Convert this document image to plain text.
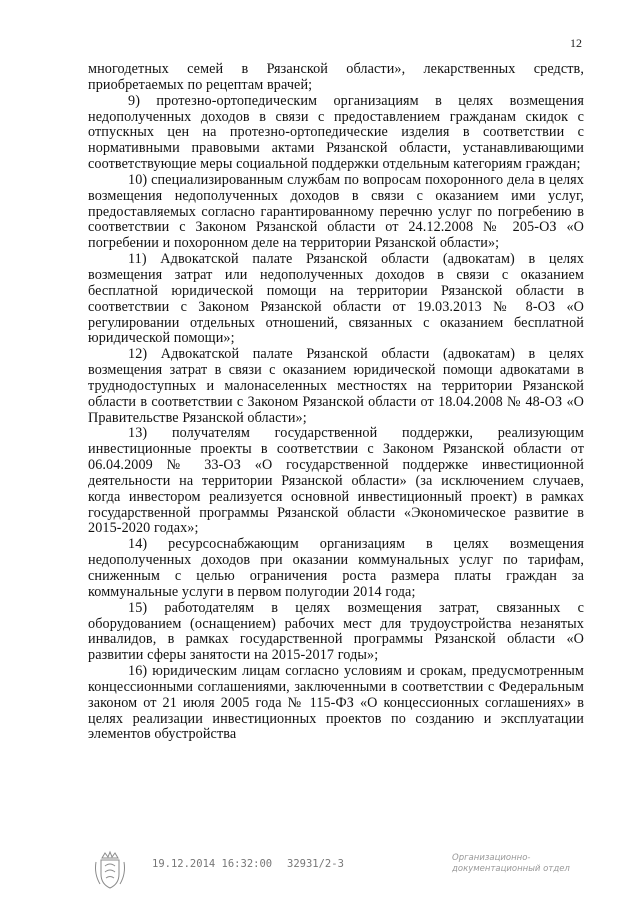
12

многодетных семей в Рязанской области», лекарственных средств, приобретаемых по рецептам врачей;

9) протезно-ортопедическим организациям в целях возмещения недополученных доходов в связи с предоставлением гражданам скидок с отпускных цен на протезно-ортопедические изделия в соответствии с нормативными правовыми актами Рязанской области, устанавливающими соответствующие меры социальной поддержки отдельным категориям граждан;

10) специализированным службам по вопросам похоронного дела в целях возмещения недополученных доходов в связи с оказанием ими услуг, предоставляемых согласно гарантированному перечню услуг по погребению в соответствии с Законом Рязанской области от 24.12.2008 № 205-ОЗ «О погребении и похоронном деле на территории Рязанской области»;

11) Адвокатской палате Рязанской области (адвокатам) в целях возмещения затрат или недополученных доходов в связи с оказанием бесплатной юридической помощи на территории Рязанской области в соответствии с Законом Рязанской области от 19.03.2013 № 8-ОЗ «О регулировании отдельных отношений, связанных с оказанием бесплатной юридической помощи»;

12) Адвокатской палате Рязанской области (адвокатам) в целях возмещения затрат в связи с оказанием юридической помощи адвокатами в труднодоступных и малонаселенных местностях на территории Рязанской области в соответствии с Законом Рязанской области от 18.04.2008 № 48-ОЗ «О Правительстве Рязанской области»;

13) получателям государственной поддержки, реализующим инвестиционные проекты в соответствии с Законом Рязанской области от 06.04.2009 № 33-ОЗ «О государственной поддержке инвестиционной деятельности на территории Рязанской области» (за исключением случаев, когда инвестором реализуется основной инвестиционный проект) в рамках государственной программы Рязанской области «Экономическое развитие в 2015-2020 годах»;

14) ресурсоснабжающим организациям в целях возмещения недополученных доходов при оказании коммунальных услуг по тарифам, сниженным с целью ограничения роста размера платы граждан за коммунальные услуги в первом полугодии 2014 года;

15) работодателям в целях возмещения затрат, связанных с оборудованием (оснащением) рабочих мест для трудоустройства незанятых инвалидов, в рамках государственной программы Рязанской области «О развитии сферы занятости на 2015-2017 годы»;

16) юридическим лицам согласно условиям и срокам, предусмотренным концессионными соглашениями, заключенными в соответствии с Федеральным законом от 21 июля 2005 года № 115-ФЗ «О концессионных соглашениях» в целях реализации инвестиционных проектов по созданию и эксплуатации элементов обустройства

19.12.2014 16:32:00 32931/2-3	Организационно-
документационный отдел
